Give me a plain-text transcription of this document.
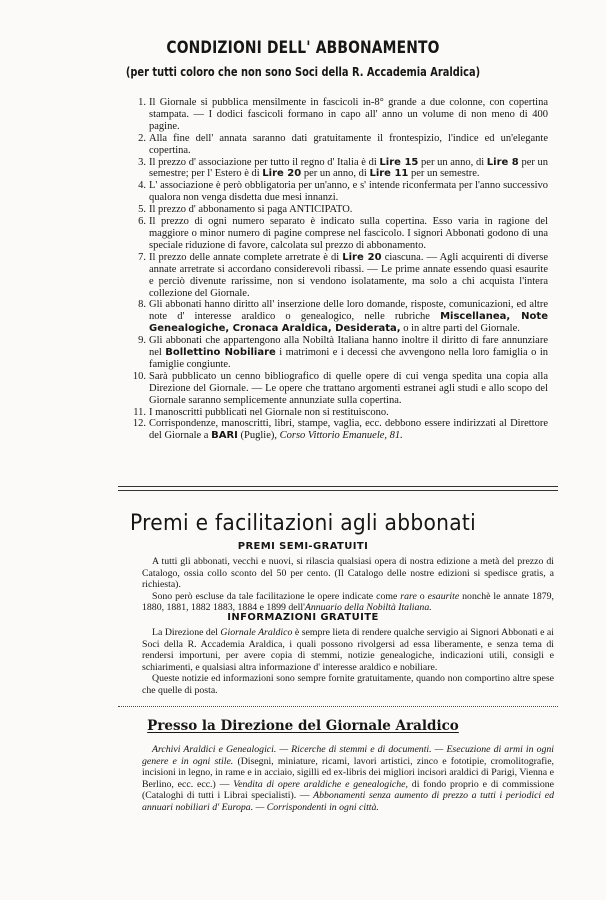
CONDIZIONI DELL' ABBONAMENTO
(per tutti coloro che non sono Soci della R. Accademia Araldica)
1. Il Giornale si pubblica mensilmente in fascicoli in-8° grande a due colonne, con copertina stampata. — I dodici fascicoli formano in capo all' anno un volume di non meno di 400 pagine.
2. Alla fine dell' annata saranno dati gratuitamente il frontespizio, l'indice ed un'elegante copertina.
3. Il prezzo d' associazione per tutto il regno d' Italia è di Lire 15 per un anno, di Lire 8 per un semestre; per l' Estero è di Lire 20 per un anno, di Lire 11 per un semestre.
4. L' associazione è però obbligatoria per un'anno, e s' intende riconfermata per l'anno successivo qualora non venga disdetta due mesi innanzi.
5. Il prezzo d' abbonamento si paga ANTICIPATO.
6. Il prezzo di ogni numero separato è indicato sulla copertina. Esso varia in ragione del maggiore o minor numero di pagine comprese nel fascicolo. I signori Abbonati godono di una speciale riduzione di favore, calcolata sul prezzo di abbonamento.
7. Il prezzo delle annate complete arretrate è di Lire 20 ciascuna. — Agli acquirenti di diverse annate arretrate si accordano considerevoli ribassi. — Le prime annate essendo quasi esaurite e perciò divenute rarissime, non si vendono isolatamente, ma solo a chi acquista l'intera collezione del Giornale.
8. Gli abbonati hanno diritto all' inserzione delle loro domande, risposte, comunicazioni, ed altre note d' interesse araldico o genealogico, nelle rubriche Miscellanea, Note Genealogiche, Cronaca Araldica, Desiderata, o in altre parti del Giornale.
9. Gli abbonati che appartengono alla Nobiltà Italiana hanno inoltre il diritto di fare annunziare nel Bollettino Nobiliare i matrimoni e i decessi che avvengono nella loro famiglia o in famiglie congiunte.
10. Sarà pubblicato un cenno bibliografico di quelle opere di cui venga spedita una copia alla Direzione del Giornale. — Le opere che trattano argomenti estranei agli studi e allo scopo del Giornale saranno semplicemente annunziate sulla copertina.
11. I manoscritti pubblicati nel Giornale non si restituiscono.
12. Corrispondenze, manoscritti, libri, stampe, vaglia, ecc. debbono essere indirizzati al Direttore del Giornale a BARI (Puglie), Corso Vittorio Emanuele, 81.
Premi e facilitazioni agli abbonati
PREMI SEMI-GRATUITI

A tutti gli abbonati, vecchi e nuovi, si rilascia qualsiasi opera di nostra edizione a metà del prezzo di Catalogo, ossia collo sconto del 50 per cento. (Il Catalogo delle nostre edizioni si spedisce gratis, a richiesta).

Sono però escluse da tale facilitazione le opere indicate come rare o esaurite nonchè le annate 1879, 1880, 1881, 1882 1883, 1884 e 1899 dell'Annuario della Nobiltà Italiana.

INFORMAZIONI GRATUITE

La Direzione del Giornale Araldico è sempre lieta di rendere qualche servigio ai Signori Abbonati e ai Soci della R. Accademia Araldica, i quali possono rivolgersi ad essa liberamente, e senza tema di rendersi importuni, per avere copia di stemmi, notizie genealogiche, indicazioni utili, consigli e schiarimenti, e qualsiasi altra informazione d' interesse araldico e nobiliare.

Queste notizie ed informazioni sono sempre fornite gratuitamente, quando non comportino altre spese che quelle di posta.

Presso la Direzione del Giornale Araldico

Archivi Araldici e Genealogici. — Ricerche di stemmi e di documenti. — Esecuzione di armi in ogni genere e in ogni stile. (Disegni, miniature, ricami, lavori artistici, zinco e fototipie, cromolitografie, incisioni in legno, in rame e in acciaio, sigilli ed ex-libris dei migliori incisori araldici di Parigi, Vienna e Berlino, ecc. ecc.) — Vendita di opere araldiche e genealogiche, di fondo proprio e di commissione (Cataloghi di tutti i Librai specialisti). — Abbonamenti senza aumento di prezzo a tutti i periodici ed annuari nobiliari d' Europa. — Corrispondenti in ogni città.
